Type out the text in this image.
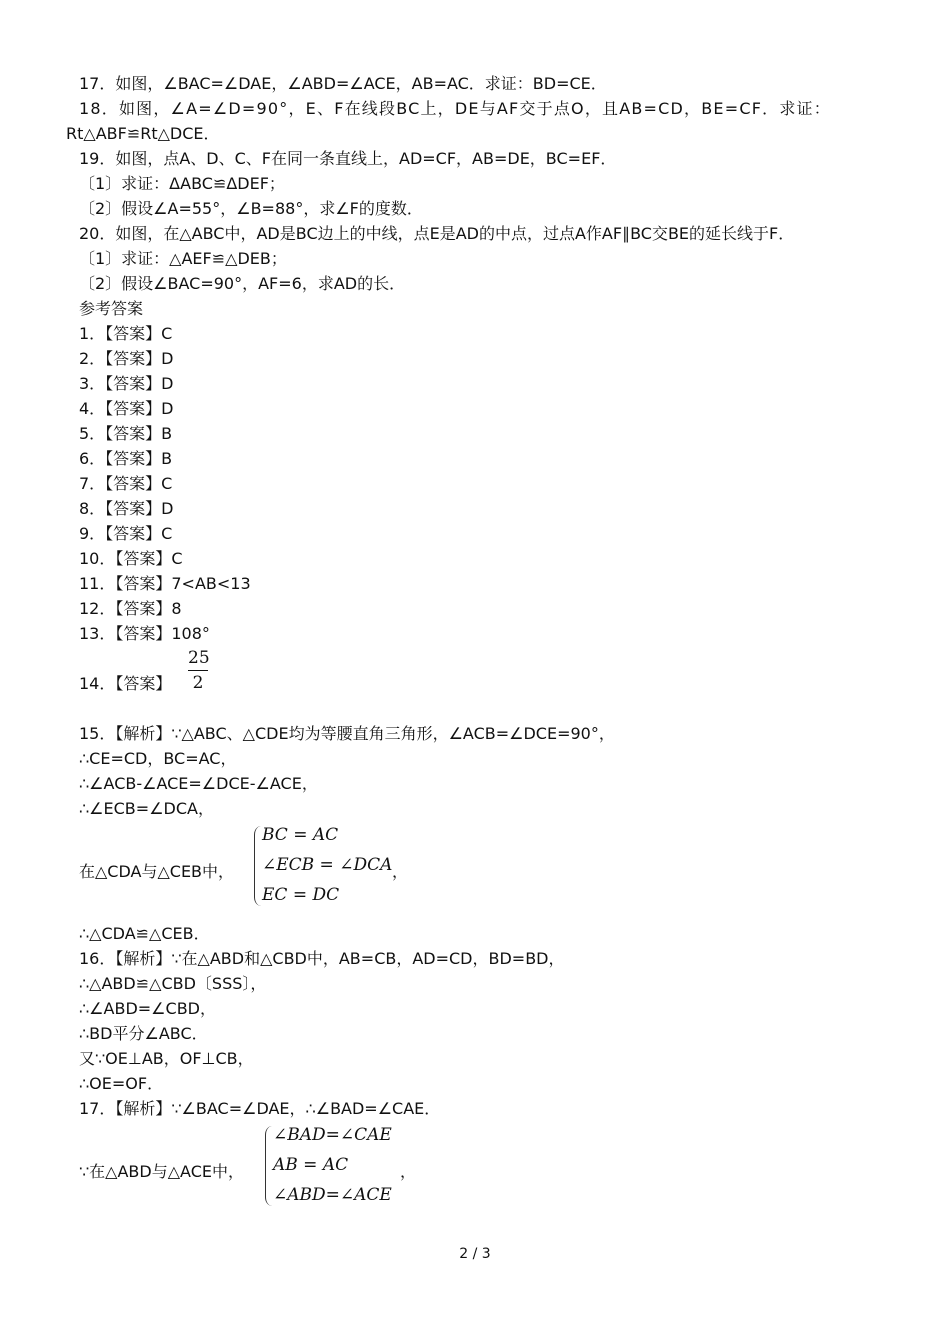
17．如图，∠BAC=∠DAE，∠ABD=∠ACE，AB=AC．求证：BD=CE．
18．如图，∠A=∠D=90°，E、F在线段BC上，DE与AF交于点O，且AB=CD，BE=CF．求证：
Rt△ABF≌Rt△DCE．
19．如图，点A、D、C、F在同一条直线上，AD=CF，AB=DE，BC=EF．
〔1〕求证：ΔABC≌ΔDEF；
〔2〕假设∠A=55°，∠B=88°，求∠F的度数．
20．如图，在△ABC中，AD是BC边上的中线，点E是AD的中点，过点A作AF∥BC交BE的延长线于F．
〔1〕求证：△AEF≌△DEB；
〔2〕假设∠BAC=90°，AF=6，求AD的长．
参考答案
1．【答案】C
2．【答案】D
3．【答案】D
4．【答案】D
5．【答案】B
6．【答案】B
7．【答案】C
8．【答案】D
9．【答案】C
10．【答案】C
11．【答案】7<AB<13
12．【答案】8
13．【答案】108°
14．【答案】
25
2
15．【解析】∵△ABC、△CDE均为等腰直角三角形，∠ACB=∠DCE=90°，
∴CE=CD，BC=AC，
∴∠ACB-∠ACE=∠DCE-∠ACE，
∴∠ECB=∠DCA，
在△CDA与△CEB中，
BC = AC
∠ECB = ∠DCA
EC = DC
，
∴△CDA≌△CEB．
16．【解析】∵在△ABD和△CBD中，AB=CB，AD=CD，BD=BD，
∴△ABD≌△CBD〔SSS〕，
∴∠ABD=∠CBD，
∴BD平分∠ABC．
又∵OE⊥AB，OF⊥CB，
∴OE=OF．
17．【解析】∵∠BAC=∠DAE，∴∠BAD=∠CAE．
∵在△ABD与△ACE中，
∠BAD=∠CAE
AB = AC
∠ABD=∠ACE
，
2 / 3
